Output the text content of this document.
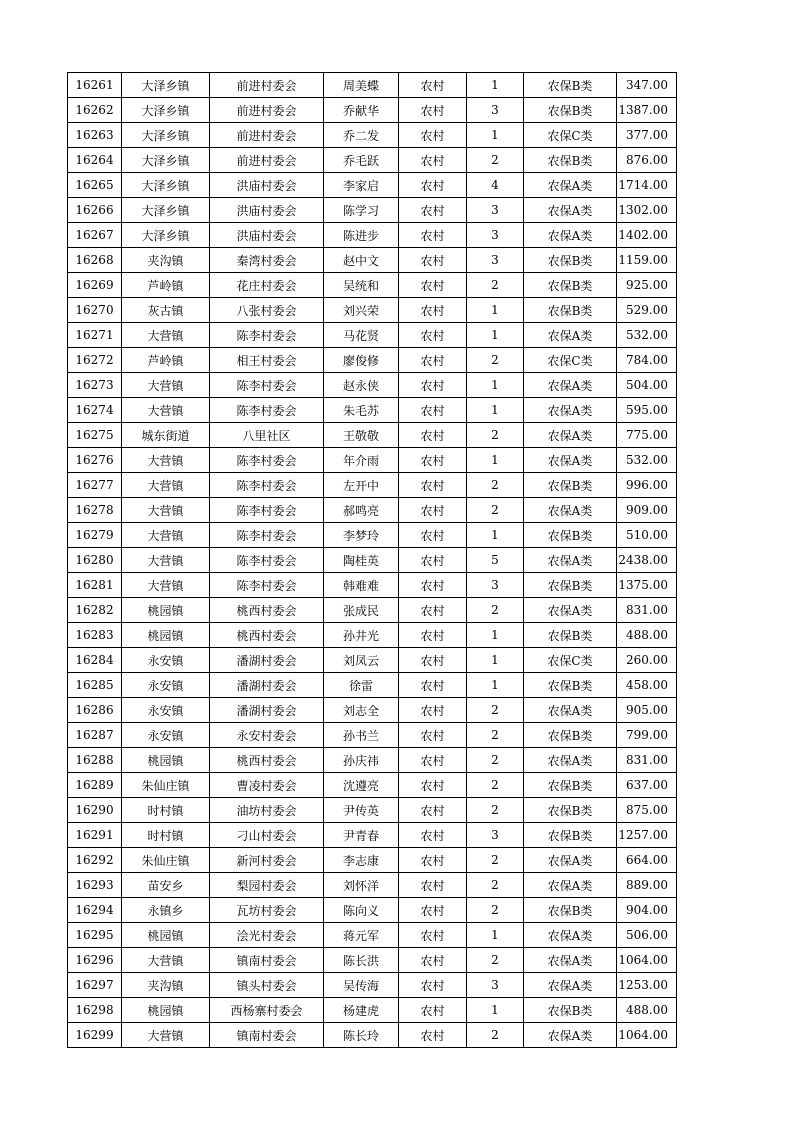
16261	大泽乡镇	前进村委会	周美蝶	农村	1	农保B类	347.00
16262	大泽乡镇	前进村委会	乔献华	农村	3	农保B类	1387.00
16263	大泽乡镇	前进村委会	乔二发	农村	1	农保C类	377.00
16264	大泽乡镇	前进村委会	乔毛跃	农村	2	农保B类	876.00
16265	大泽乡镇	洪庙村委会	李家启	农村	4	农保A类	1714.00
16266	大泽乡镇	洪庙村委会	陈学习	农村	3	农保A类	1302.00
16267	大泽乡镇	洪庙村委会	陈进步	农村	3	农保A类	1402.00
16268	夹沟镇	秦湾村委会	赵中文	农村	3	农保B类	1159.00
16269	芦岭镇	花庄村委会	吴统和	农村	2	农保B类	925.00
16270	灰古镇	八张村委会	刘兴荣	农村	1	农保B类	529.00
16271	大营镇	陈李村委会	马花贤	农村	1	农保A类	532.00
16272	芦岭镇	相王村委会	廖俊修	农村	2	农保C类	784.00
16273	大营镇	陈李村委会	赵永侠	农村	1	农保A类	504.00
16274	大营镇	陈李村委会	朱毛苏	农村	1	农保A类	595.00
16275	城东街道	八里社区	王敬敬	农村	2	农保A类	775.00
16276	大营镇	陈李村委会	年介雨	农村	1	农保A类	532.00
16277	大营镇	陈李村委会	左开中	农村	2	农保B类	996.00
16278	大营镇	陈李村委会	郝鸣亮	农村	2	农保A类	909.00
16279	大营镇	陈李村委会	李梦玲	农村	1	农保B类	510.00
16280	大营镇	陈李村委会	陶桂英	农村	5	农保A类	2438.00
16281	大营镇	陈李村委会	韩难难	农村	3	农保B类	1375.00
16282	桃园镇	桃西村委会	张成民	农村	2	农保A类	831.00
16283	桃园镇	桃西村委会	孙井光	农村	1	农保B类	488.00
16284	永安镇	潘湖村委会	刘凤云	农村	1	农保C类	260.00
16285	永安镇	潘湖村委会	徐雷	农村	1	农保B类	458.00
16286	永安镇	潘湖村委会	刘志全	农村	2	农保A类	905.00
16287	永安镇	永安村委会	孙书兰	农村	2	农保B类	799.00
16288	桃园镇	桃西村委会	孙庆祎	农村	2	农保A类	831.00
16289	朱仙庄镇	曹凌村委会	沈遵亮	农村	2	农保B类	637.00
16290	时村镇	油坊村委会	尹传英	农村	2	农保B类	875.00
16291	时村镇	刁山村委会	尹青春	农村	3	农保B类	1257.00
16292	朱仙庄镇	新河村委会	李志康	农村	2	农保A类	664.00
16293	苗安乡	梨园村委会	刘怀洋	农村	2	农保A类	889.00
16294	永镇乡	瓦坊村委会	陈向义	农村	2	农保B类	904.00
16295	桃园镇	浍光村委会	蒋元军	农村	1	农保A类	506.00
16296	大营镇	镇南村委会	陈长洪	农村	2	农保A类	1064.00
16297	夹沟镇	镇头村委会	吴传海	农村	3	农保A类	1253.00
16298	桃园镇	西杨寨村委会	杨建虎	农村	1	农保B类	488.00
16299	大营镇	镇南村委会	陈长玲	农村	2	农保A类	1064.00
